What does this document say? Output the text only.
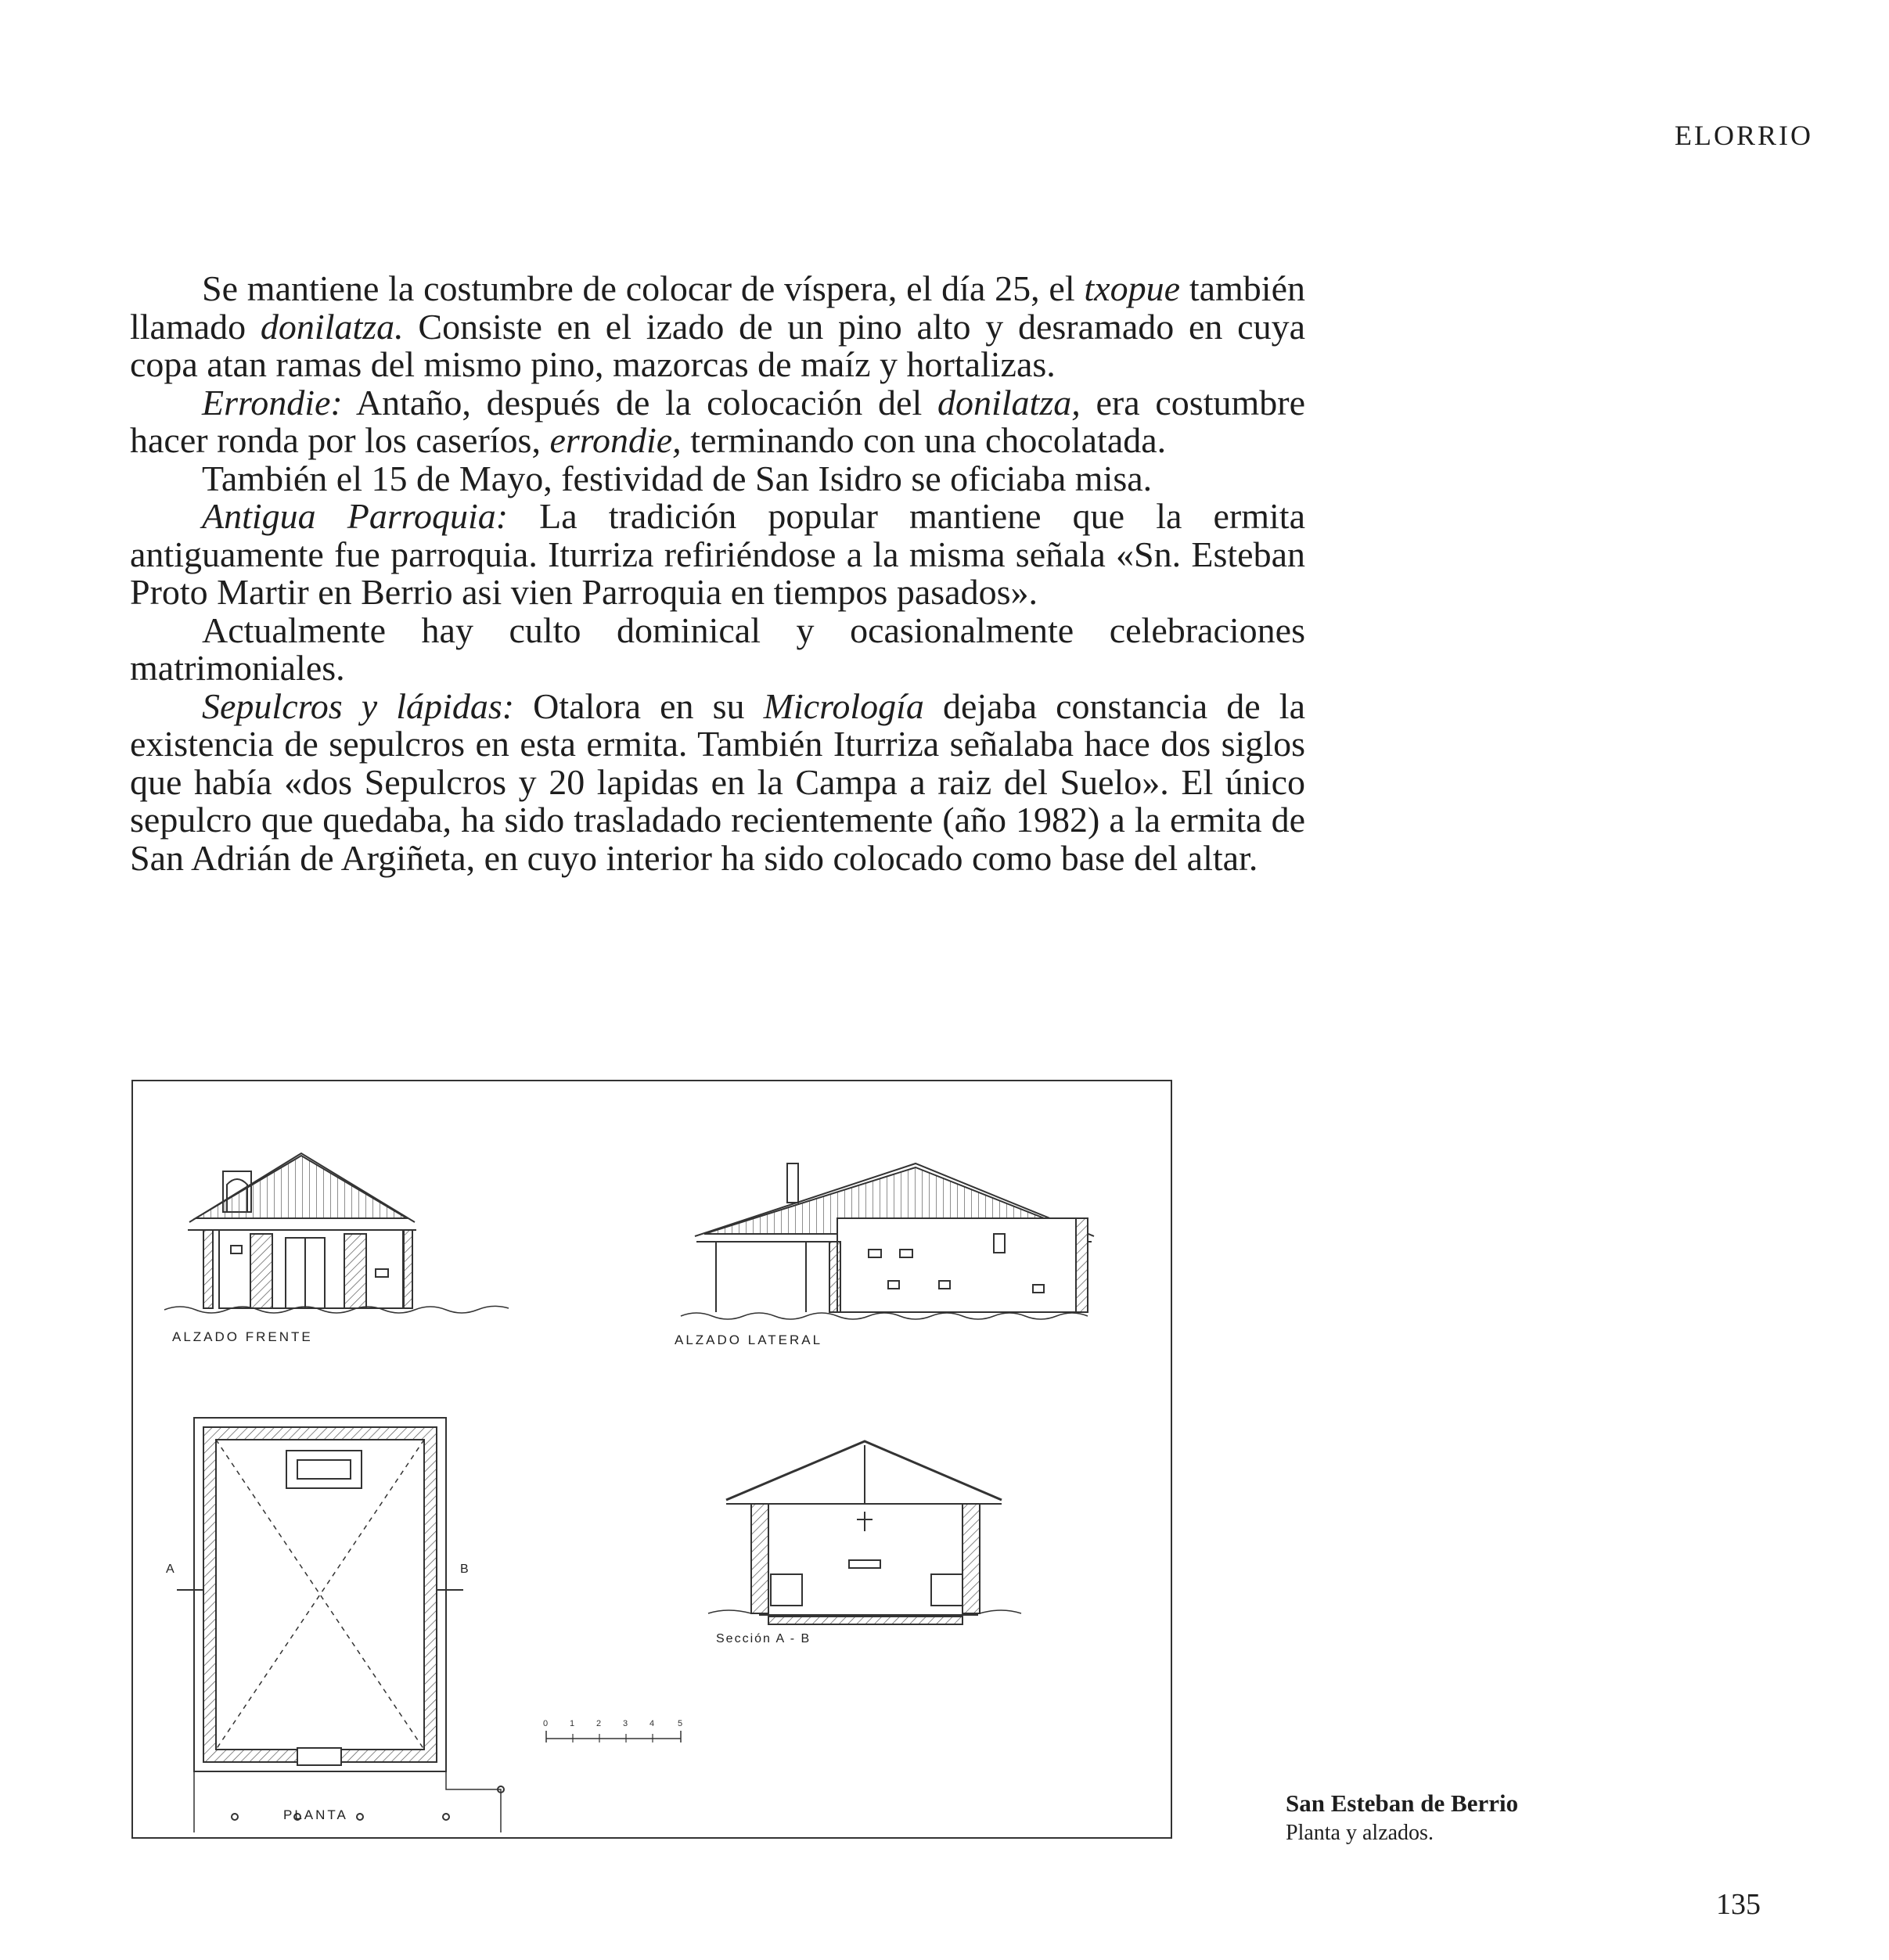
ELORRIO

Se mantiene la costumbre de colocar de víspera, el día 25, el txopue también llamado donilatza. Consiste en el izado de un pino alto y desramado en cuya copa atan ramas del mismo pino, mazorcas de maíz y hortalizas.

Errondie: Antaño, después de la colocación del donilatza, era costumbre hacer ronda por los caseríos, errondie, terminando con una chocolatada.

También el 15 de Mayo, festividad de San Isidro se oficiaba misa.

Antigua Parroquia: La tradición popular mantiene que la ermita antiguamente fue parroquia. Iturriza refiriéndose a la misma señala «Sn. Esteban Proto Martir en Berrio asi vien Parroquia en tiempos pasados».

Actualmente hay culto dominical y ocasionalmente celebraciones matrimoniales.

Sepulcros y lápidas: Otalora en su Micrología dejaba constancia de la existencia de sepulcros en esta ermita. También Iturriza señalaba hace dos siglos que había «dos Sepulcros y 20 lapidas en la Campa a raiz del Suelo». El único sepulcro que quedaba, ha sido trasladado recientemente (año 1982) a la ermita de San Adrián de Argiñeta, en cuyo interior ha sido colocado como base del altar.

ALZADO FRENTE	ALZADO LATERAL
A	B
PLANTA
Sección A - B
0	1	2	3	4	5
San Esteban de Berrio
Planta y alzados.
135
